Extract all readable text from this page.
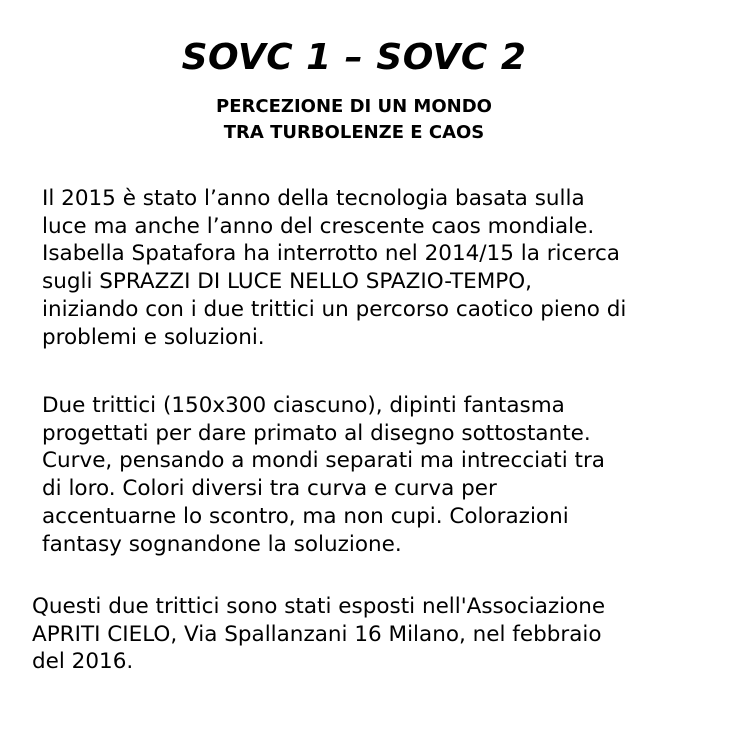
SOVC 1 – SOVC 2
PERCEZIONE DI UN MONDO
TRA TURBOLENZE E CAOS
Il 2015 è stato l’anno della tecnologia basata sulla
luce ma anche l’anno del crescente caos mondiale.
Isabella Spatafora ha interrotto nel 2014/15 la ricerca
sugli SPRAZZI DI LUCE NELLO SPAZIO-TEMPO,
iniziando con i due trittici un percorso caotico pieno di
problemi e soluzioni.
Due trittici (150x300 ciascuno), dipinti fantasma
progettati per dare primato al disegno sottostante.
Curve, pensando a mondi separati ma intrecciati tra
di loro. Colori diversi tra curva e curva per
accentuarne lo scontro, ma non cupi. Colorazioni
fantasy sognandone la soluzione.
Questi due trittici sono stati esposti nell'Associazione
APRITI CIELO, Via Spallanzani 16 Milano, nel febbraio
del 2016.
